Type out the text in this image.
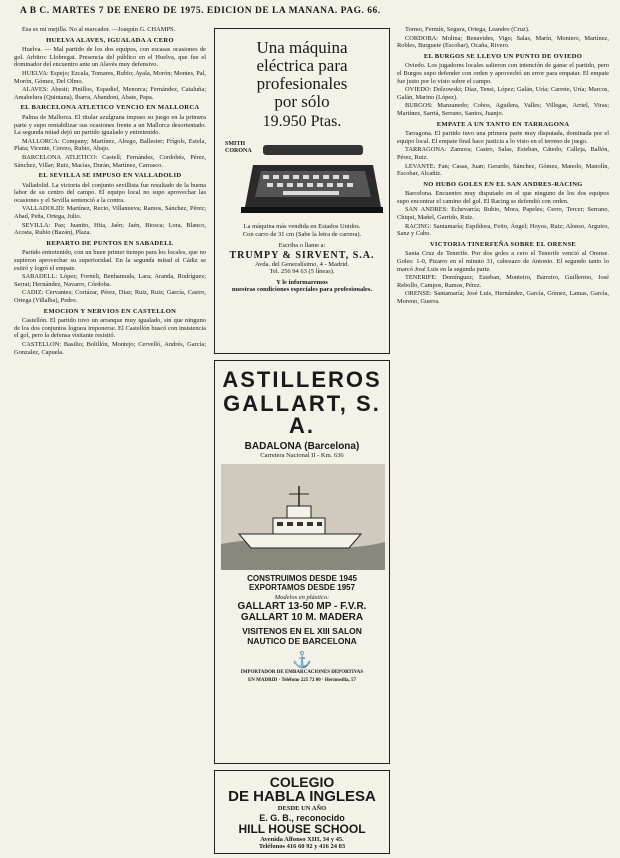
A B C. MARTES 7 DE ENERO DE 1975. EDICION DE LA MAÑANA. PAG. 66.

Esa es mi mejilla. No al marcador. —Joaquín G. CHAMPS.

HUELVA ALAVES, IGUALADA A CERO

Huelva. — Mal partido de los dos equipos, con escasas ocasiones de gol. Arbitro: Llobregat. Presencia del público en el Huelva, que fue el dominador del encuentro ante un Alavés muy defensivo.

HUELVA: Espejo; Ezcala, Tomares, Rubio; Ayala, Morón; Montes, Pal, Morón, Gómez, Del Olmo.

ALAVES: Abesti; Pinillos, Espadiel, Menorca; Fernández, Cataluña; Amabelura (Quintana), Ibarra, Abandoni, Abate, Papa.

EL BARCELONA ATLETICO VENCIO EN MALLORCA

Palma de Mallorca. El titular azulgrana impuso su juego en la primera parte y supo rentabilizar sus ocasiones frente a un Mallorca desorientado. La segunda mitad dejó un partido igualado y entretenido.

MALLORCA: Company; Martínez, Alrego, Ballester; Frígols, Estela, Plata; Vicente, Cerezo, Rubio, Abajo.

BARCELONA ATLETICO: Castell; Fernández, Cordobés, Pérez, Sánchez, Villar; Ruiz, Macías, Durán, Martínez, Carrasco.

EL SEVILLA SE IMPUSO EN VALLADOLID

Valladolid. La victoria del conjunto sevillista fue resultado de la buena labor de su centro del campo. El equipo local no supo aprovechar las ocasiones y el Sevilla sentenció a la contra.

VALLADOLID: Martínez, Recio, Villanueva; Ramos, Sánchez, Pérez; Abad, Peña, Ortega, Julio.

SEVILLA: Paz; Juanito, Hita, Jaén; Jaén, Biosca; Lora, Blanco, Acosta, Rubio (Bazán), Plaza.

REPARTO DE PUNTOS EN SABADELL

Partido entretenido, con un buen primer tiempo para los locales, que no supieron aprovechar su superioridad. En la segunda mitad el Cádiz se estiró y logró el empate.

SABADELL: López; Forneli, Benhamuda, Lara; Aranda, Rodríguez; Serrat; Hernández, Navarro, Córdoba.

CADIZ: Cervantes; Cortázar, Pérez, Díaz; Ruiz, Ruiz; García, Castro, Ortega (Villalba), Pedro.

EMOCION Y NERVIOS EN CASTELLON

Castellón. El partido tuvo un arranque muy igualado, sin que ninguno de los dos conjuntos lograra imponerse. El Castellón buscó con insistencia el gol, pero la defensa visitante resistió.

CASTELLON: Basilio; Bolillón, Montejo; Cervelló, Andrés, García; Gonzalez, Capuela.

Una máquina
eléctrica para
profesionales
por sólo
19.950 Ptas.
SMITH
CORONA
La máquina más vendida en Estados Unidos.
Con carro de 31 cm (Sabe la letra de carrera).
Escriba o llame a:
TRUMPY & SIRVENT, S.A.
Avda. del Generalísimo, 4 - Madrid.
Tel. 256 94 63 (5 líneas).
Y le informaremos
nuestras condiciones especiales para profesionales.
ASTILLEROS
GALLART, S. A.
BADALONA (Barcelona)
Carretera Nacional II - Km. 636
CONSTRUIMOS DESDE 1945
EXPORTAMOS DESDE 1957
Modelos en plástico:
GALLART 13-50 MP - F.V.R.
GALLART 10 M. MADERA
VISITENOS EN EL XIII SALON NAUTICO DE BARCELONA
⚓
IMPORTADOR DE EMBARCACIONES DEPORTIVAS
EN MADRID · Teléfono 225 72 00 · Hermosilla, 57
COLEGIO
DE HABLA INGLESA
DESDE UN AÑO
E. G. B., reconocido
HILL HOUSE SCHOOL
Avenida Alfonso XIII, 34 y 45.
Teléfonos 416 60 92 y 416 24 83

Tormo, Fermín, Segura, Ortega, Leandro (Cruz).

CORDOBA: Molina; Benavides, Vigo; Salas, Marín, Montero, Martínez, Robles, Burguete (Escobar), Ocaña, Rivero.

EL BURGOS SE LLEVO UN PUNTO DE OVIEDO

Oviedo. Los jugadores locales salieron con intención de ganar el partido, pero el Burgos supo defender con orden y aprovechó un error para empatar. El empate fue justo por lo visto sobre el campo.

OVIEDO: Dolzowski; Díaz, Tensi, López; Galán, Uría; Carrete, Uría; Marcos, Galán, Marino (López).

BURGOS: Manzanedo; Cobos, Aguilera, Valles; Villegas, Arriel, Viras; Martínez, Sarriá, Serrano, Santos, Juanjo.

EMPATE A UN TANTO EN TARRAGONA

Tarragona. El partido tuvo una primera parte muy disputada, dominada por el equipo local. El empate final hace justicia a lo visto en el terreno de juego.

TARRAGONA: Zamora; Castro, Salas, Esteban, Cátedo; Calleja, Ballón, Pérez, Ruiz.

LEVANTE: Fan; Casas, Juan; Gerardo, Sánchez, Gómez, Manolo, Manolín, Escobar, Alcañiz.

NO HUBO GOLES EN EL SAN ANDRES-RACING

Barcelona. Encuentro muy disputado en el que ninguno de los dos equipos supo encontrar el camino del gol. El Racing se defendió con orden.

SAN ANDRES: Echevarría; Rubio, Mora, Papeles; Cerro, Tercer; Serrano, Chiqui, Mañel, Garrido, Ruiz.

RACING: Santamaría; Espildora, Feito, Ángel; Hoyos, Ruiz; Alonso, Arguiro, Sanz y Cabo.

VICTORIA TINERFEÑA SOBRE EL ORENSE

Santa Cruz de Tenerife. Por dos goles a cero el Tenerife venció al Orense. Goles: 1-0, Pizarro en el minuto 31, cabezazo de Antonio. El segundo tanto lo marcó José Luis en la segunda parte.

TENERIFE: Domínguez; Esteban, Monteiro, Barreiro, Guillermo, José Rebollo, Campos, Ramos, Pérez.

ORENSE: Santamaría; José Luis, Hernández, García, Gómez, Lamas, García, Moreno, Guerra.
